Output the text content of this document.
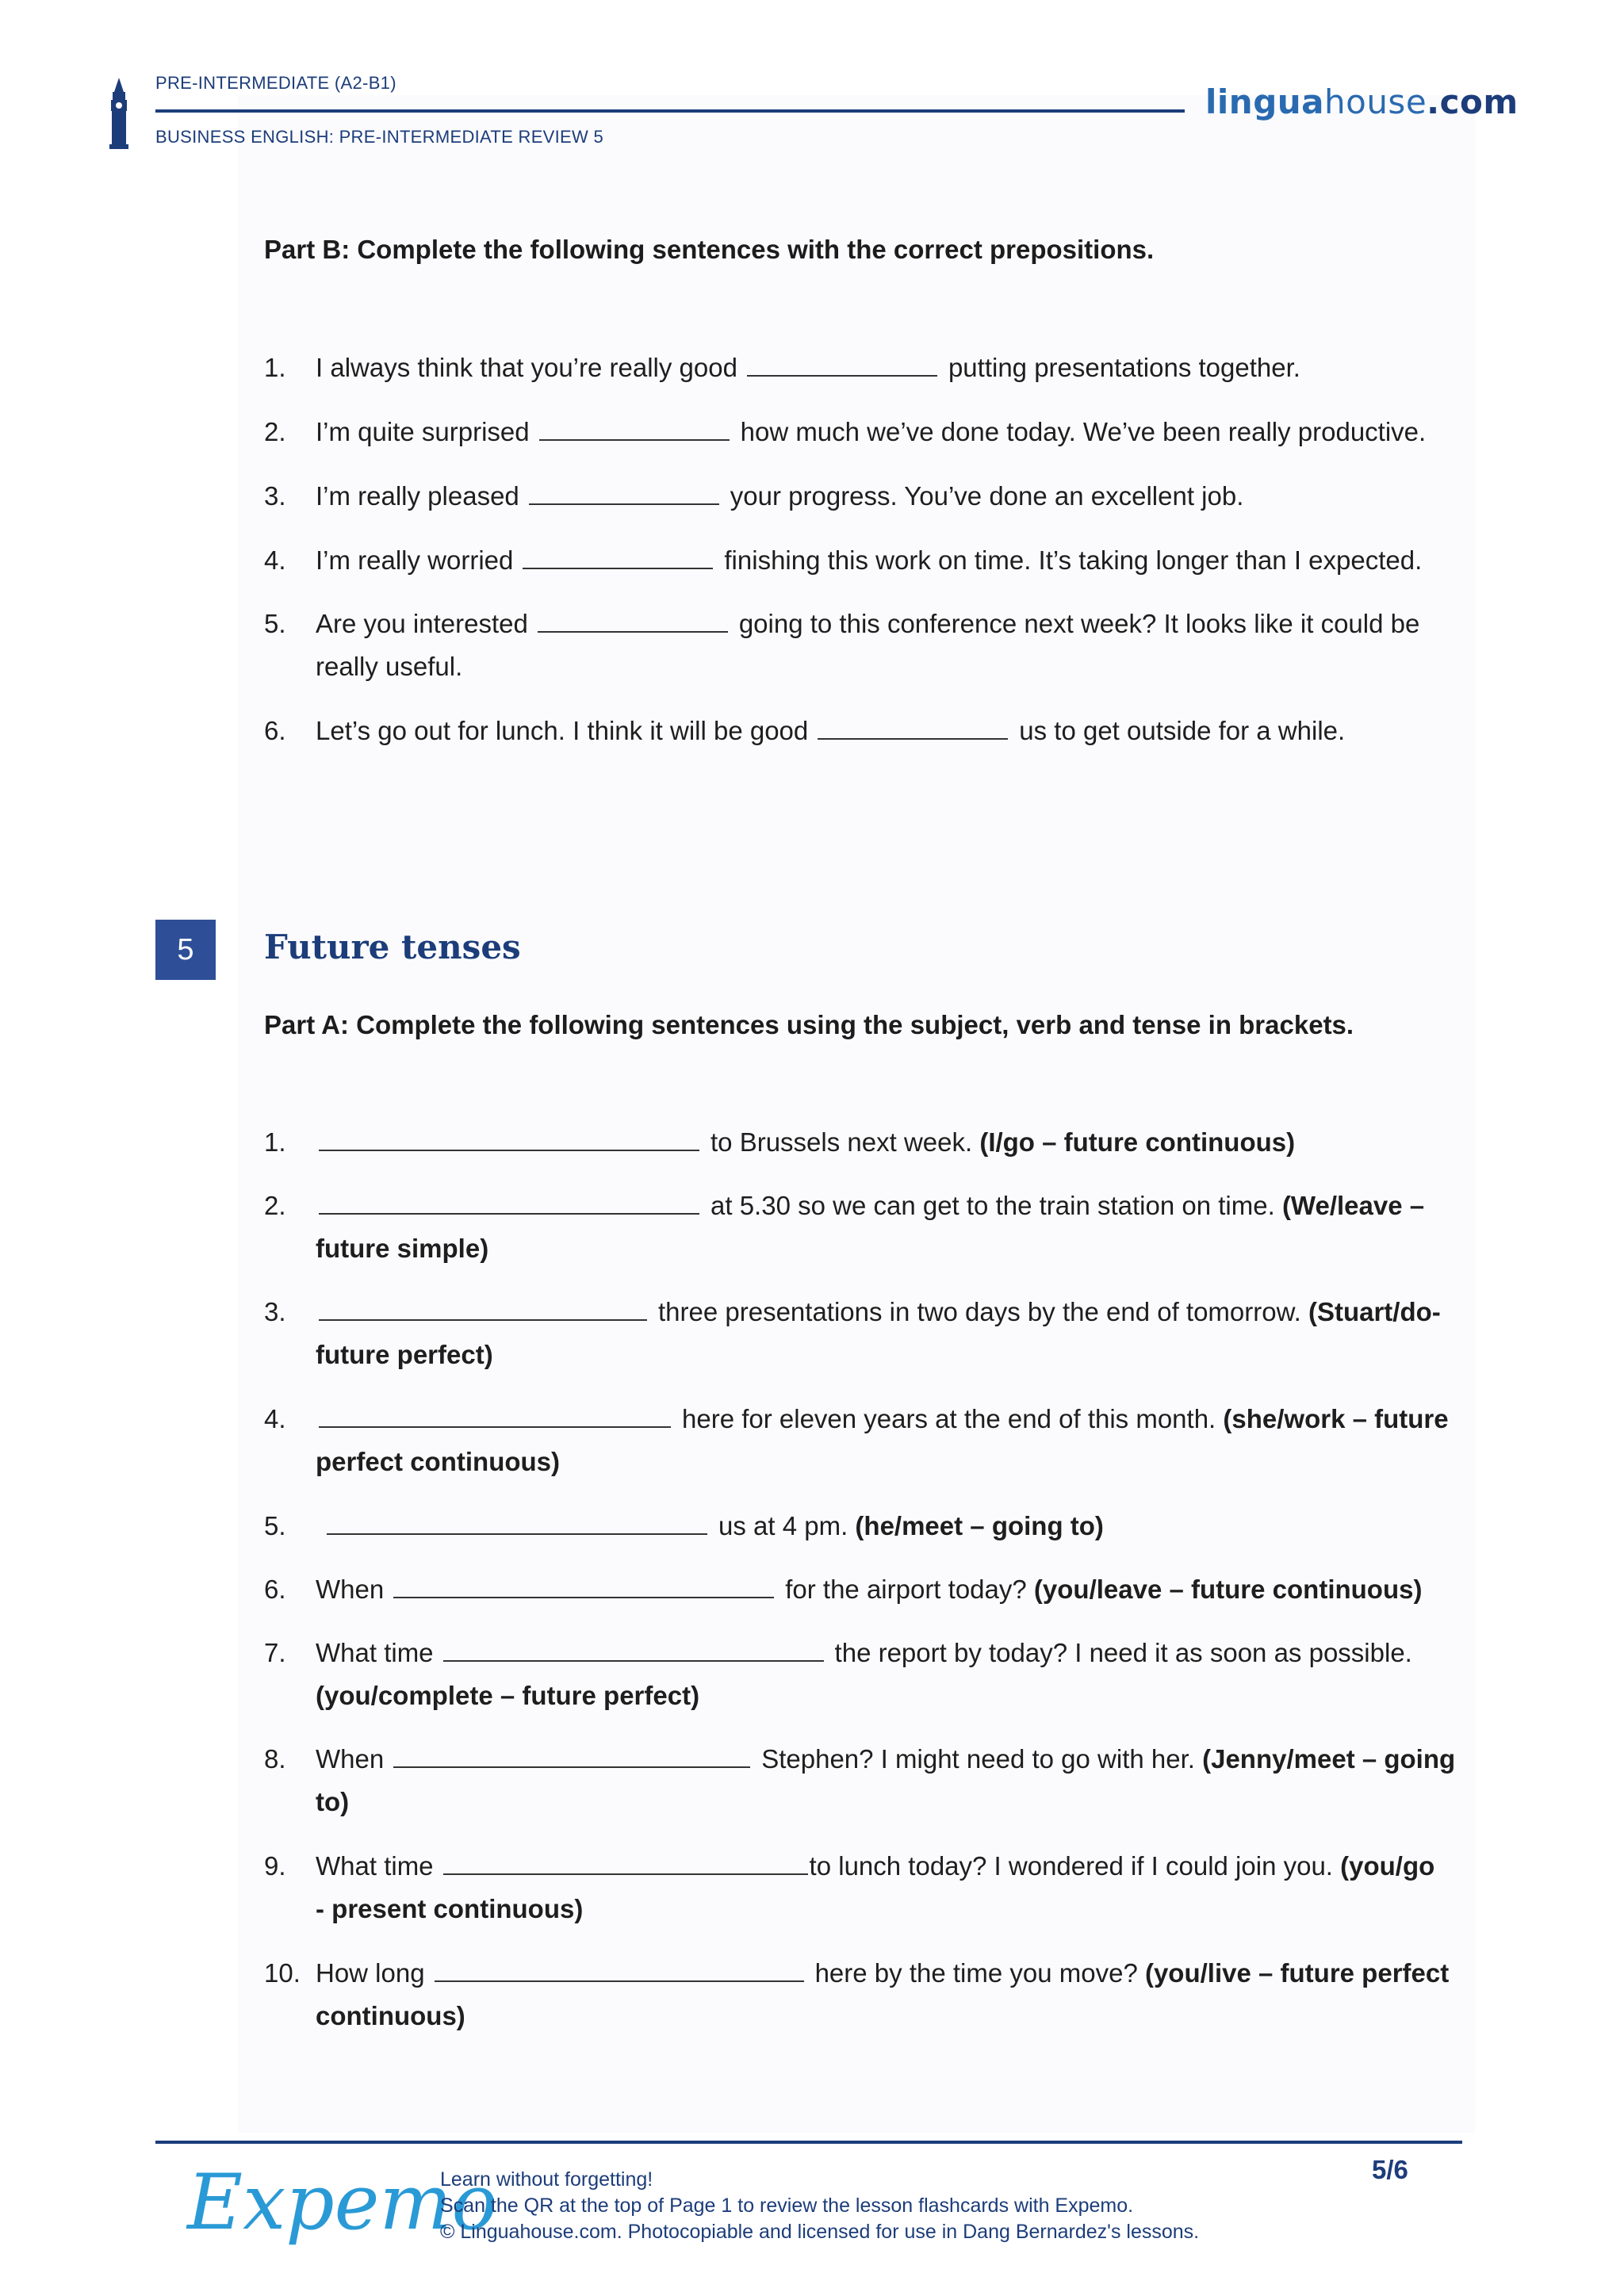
PRE-INTERMEDIATE (A2-B1)
BUSINESS ENGLISH: PRE-INTERMEDIATE REVIEW 5
linguahouse.com
Part B: Complete the following sentences with the correct prepositions.
1. I always think that you’re really good	putting presentations together.
2. I’m quite surprised	how much we’ve done today. We’ve been really productive.
3. I’m really pleased	your progress. You’ve done an excellent job.
4. I’m really worried	finishing this work on time. It’s taking longer than I expected.
5. Are you interested	going to this conference next week? It looks like it could be
really useful.
6. Let’s go out for lunch. I think it will be good	us to get outside for a while.
5	Future tenses
Part A: Complete the following sentences using the subject, verb and tense in brackets.
1.	to Brussels next week. (I/go – future continuous)
2.	at 5.30 so we can get to the train station on time. (We/leave –
future simple)
3.	three presentations in two days by the end of tomorrow. (Stuart/do-
future perfect)
4.	here for eleven years at the end of this month. (she/work – future
perfect continuous)
5.	us at 4 pm. (he/meet – going to)
6. When	for the airport today? (you/leave – future continuous)
7. What time	the report by today? I need it as soon as possible.
(you/complete – future perfect)
8. When	Stephen? I might need to go with her. (Jenny/meet – going
to)
9. What time	to lunch today? I wondered if I could join you. (you/go
- present continuous)
10. How long	here by the time you move? (you/live – future perfect
continuous)
Expemo
Learn without forgetting!
Scan the QR at the top of Page 1 to review the lesson flashcards with Expemo.
© Linguahouse.com. Photocopiable and licensed for use in Dang Bernardez's lessons.
5/6
